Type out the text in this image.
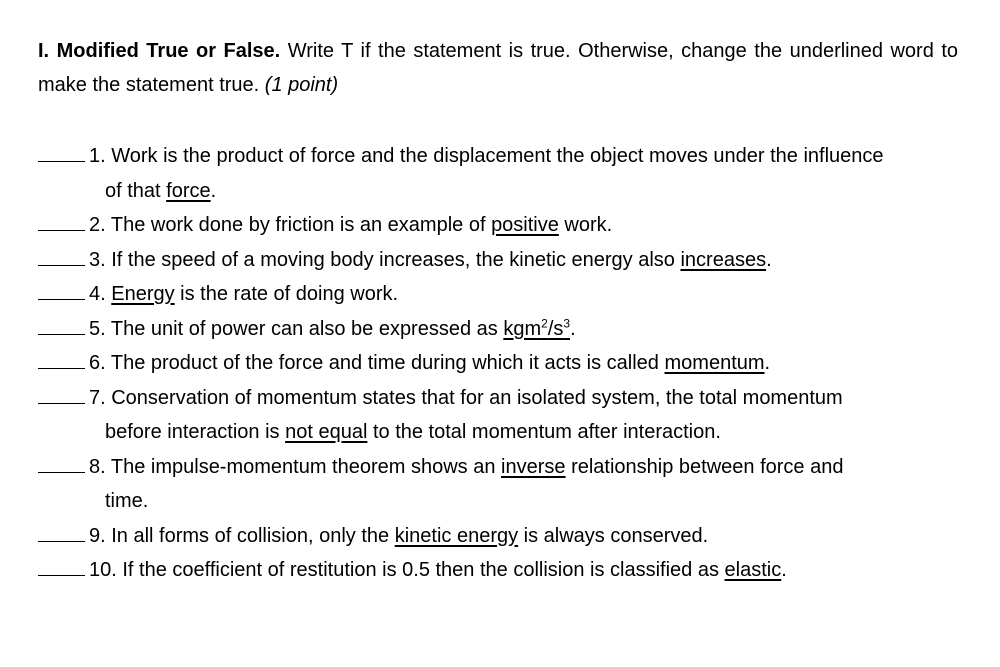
I. Modified True or False. Write T if the statement is true. Otherwise, change the underlined word to make the statement true. (1 point)
1. Work is the product of force and the displacement the object moves under the influence
of that force.
2. The work done by friction is an example of positive work.
3. If the speed of a moving body increases, the kinetic energy also increases.
4. Energy is the rate of doing work.
5. The unit of power can also be expressed as $kgm^2/s^3$.
6. The product of the force and time during which it acts is called momentum.
7. Conservation of momentum states that for an isolated system, the total momentum
before interaction is not equal to the total momentum after interaction.
8. The impulse-momentum theorem shows an inverse relationship between force and
time.
9. In all forms of collision, only the kinetic energy is always conserved.
10. If the coefficient of restitution is 0.5 then the collision is classified as elastic.
